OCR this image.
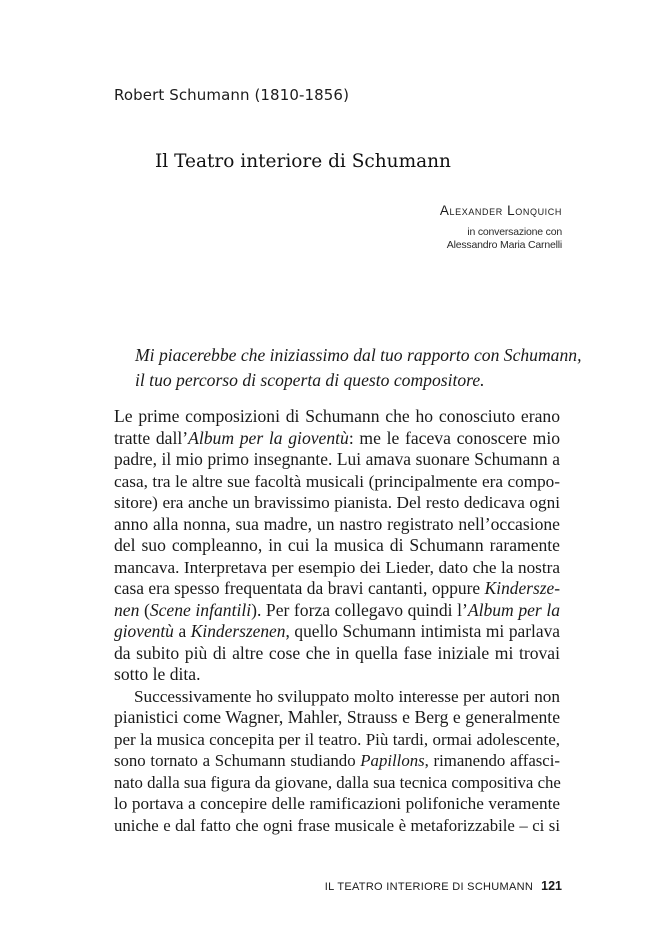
Robert Schumann (1810-1856)
Il Teatro interiore di Schumann
Alexander Lonquich
in conversazione con
Alessandro Maria Carnelli
Mi piacerebbe che iniziassimo dal tuo rapporto con Schumann,
il tuo percorso di scoperta di questo compositore.
Le prime composizioni di Schumann che ho conosciuto erano
tratte dall’Album per la gioventù: me le faceva conoscere mio
padre, il mio primo insegnante. Lui amava suonare Schumann a
casa, tra le altre sue facoltà musicali (principalmente era compo-
sitore) era anche un bravissimo pianista. Del resto dedicava ogni
anno alla nonna, sua madre, un nastro registrato nell’occasione
del suo compleanno, in cui la musica di Schumann raramente
mancava. Interpretava per esempio dei Lieder, dato che la nostra
casa era spesso frequentata da bravi cantanti, oppure Kindersze-
nen (Scene infantili). Per forza collegavo quindi l’Album per la
gioventù a Kinderszenen, quello Schumann intimista mi parlava
da subito più di altre cose che in quella fase iniziale mi trovai
sotto le dita.
Successivamente ho sviluppato molto interesse per autori non
pianistici come Wagner, Mahler, Strauss e Berg e generalmente
per la musica concepita per il teatro. Più tardi, ormai adolescente,
sono tornato a Schumann studiando Papillons, rimanendo affasci-
nato dalla sua figura da giovane, dalla sua tecnica compositiva che
lo portava a concepire delle ramificazioni polifoniche veramente
uniche e dal fatto che ogni frase musicale è metaforizzabile – ci si
IL TEATRO INTERIORE DI SCHUMANN 121
